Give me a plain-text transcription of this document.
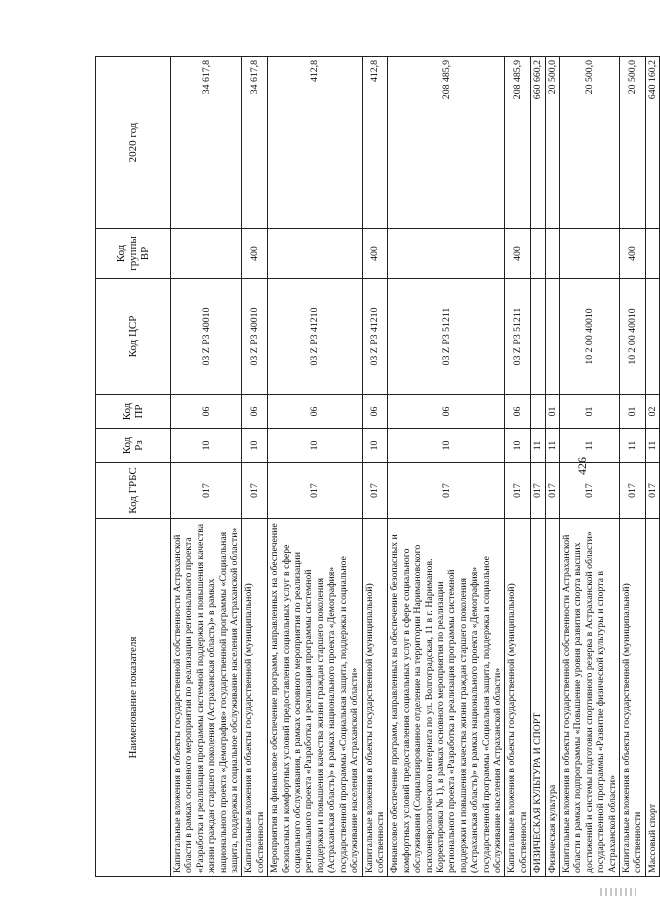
426
Наименование показателя	Код ГРБС	Код Рз	Код ПР	Код ЦСР	Код группы ВР	2020 год
Капитальные вложения в объекты государственной собственности Астраханской области в рамках основного мероприятия по реализации регионального проекта «Разработка и реализация программы системной поддержки и повышения качества жизни граждан старшего поколения (Астраханская область)» в рамках национального проекта «Демография» государственной программы «Социальная защита, поддержка и социальное обслуживание населения Астраханской области»	017	10	06	03 Z P3 40010		34 617,8
Капитальные вложения в объекты государственной (муниципальной) собственности	017	10	06	03 Z P3 40010	400	34 617,8
Мероприятия на финансовое обеспечение программ, направленных на обеспечение безопасных и комфортных условий предоставления социальных услуг в сфере социального обслуживания, в рамках основного мероприятия по реализации регионального проекта «Разработка и реализация программы системной поддержки и повышения качества жизни граждан старшего поколения (Астраханская область)» в рамках национального проекта «Демография» государственной программы «Социальная защита, поддержка и социальное обслуживание населения Астраханской области»	017	10	06	03 Z P3 41210		412,8
Капитальные вложения в объекты государственной (муниципальной) собственности	017	10	06	03 Z P3 41210	400	412,8
Финансовое обеспечение программ, направленных на обеспечение безопасных и комфортных условий предоставления социальных услуг в сфере социального обслуживания (Социализированное отделение на территории Наримановского психоневрологического интерната по ул. Волгоградская, 11 в г. Нариманов. Корректировка № 1), в рамках основного мероприятия по реализации регионального проекта «Разработка и реализация программы системной поддержки и повышения качества жизни граждан старшего поколения (Астраханская область)» в рамках национального проекта «Демография» государственной программы «Социальная защита, поддержка и социальное обслуживание населения Астраханской области»	017	10	06	03 Z P3 51211		208 485,9
Капитальные вложения в объекты государственной (муниципальной) собственности	017	10	06	03 Z P3 51211	400	208 485,9
ФИЗИЧЕСКАЯ КУЛЬТУРА И СПОРТ	017	11				660 660,2
Физическая культура	017	11	01			20 500,0
Капитальные вложения в объекты государственной собственности Астраханской области в рамках подпрограммы «Повышение уровня развития спорта высших достижений и системы подготовки спортивного резерва в Астраханской области» государственной программы «Развитие физической культуры и спорта в Астраханской области»	017	11	01	10 2 00 40010		20 500,0
Капитальные вложения в объекты государственной (муниципальной) собственности	017	11	01	10 2 00 40010	400	20 500,0
Массовый спорт	017	11	02			640 160,2
